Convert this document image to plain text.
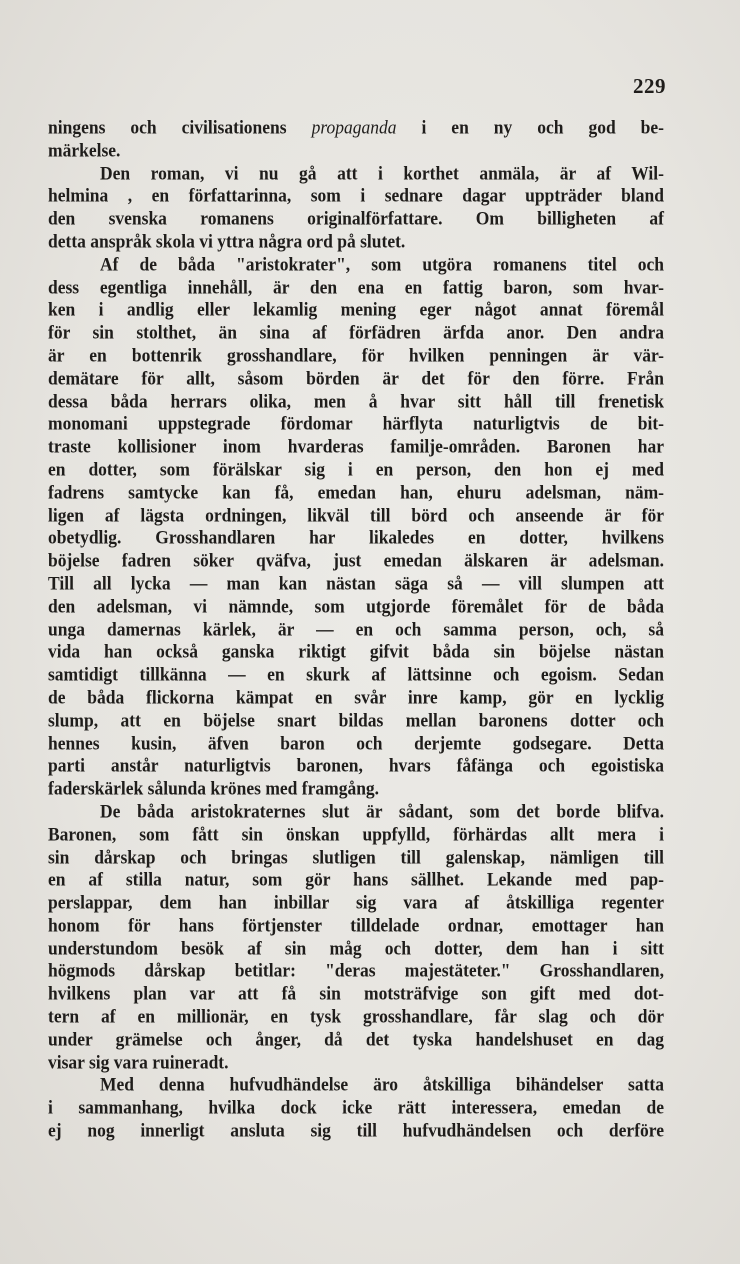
229
ningens och civilisationens propaganda i en ny och god be-
märkelse.
Den roman, vi nu gå att i korthet anmäla, är af Wil-
helmina , en författarinna, som i sednare dagar uppträder bland
den svenska romanens originalförfattare. Om billigheten af
detta anspråk skola vi yttra några ord på slutet.
Af de båda "aristokrater", som utgöra romanens titel och
dess egentliga innehåll, är den ena en fattig baron, som hvar-
ken i andlig eller lekamlig mening eger något annat föremål
för sin stolthet, än sina af förfädren ärfda anor. Den andra
är en bottenrik grosshandlare, för hvilken penningen är vär-
demätare för allt, såsom börden är det för den förre. Från
dessa båda herrars olika, men å hvar sitt håll till frenetisk
monomani uppstegrade fördomar härflyta naturligtvis de bit-
traste kollisioner inom hvarderas familje-områden. Baronen har
en dotter, som förälskar sig i en person, den hon ej med
fadrens samtycke kan få, emedan han, ehuru adelsman, näm-
ligen af lägsta ordningen, likväl till börd och anseende är för
obetydlig. Grosshandlaren har likaledes en dotter, hvilkens
böjelse fadren söker qväfva, just emedan älskaren är adelsman.
Till all lycka — man kan nästan säga så — vill slumpen att
den adelsman, vi nämnde, som utgjorde föremålet för de båda
unga damernas kärlek, är — en och samma person, och, så
vida han också ganska riktigt gifvit båda sin böjelse nästan
samtidigt tillkänna — en skurk af lättsinne och egoism. Sedan
de båda flickorna kämpat en svår inre kamp, gör en lycklig
slump, att en böjelse snart bildas mellan baronens dotter och
hennes kusin, äfven baron och derjemte godsegare. Detta
parti anstår naturligtvis baronen, hvars fåfänga och egoistiska
faderskärlek sålunda krönes med framgång.
De båda aristokraternes slut är sådant, som det borde blifva.
Baronen, som fått sin önskan uppfylld, förhärdas allt mera i
sin dårskap och bringas slutligen till galenskap, nämligen till
en af stilla natur, som gör hans sällhet. Lekande med pap-
perslappar, dem han inbillar sig vara af åtskilliga regenter
honom för hans förtjenster tilldelade ordnar, emottager han
understundom besök af sin måg och dotter, dem han i sitt
högmods dårskap betitlar: "deras majestäteter." Grosshandlaren,
hvilkens plan var att få sin motsträfvige son gift med dot-
tern af en millionär, en tysk grosshandlare, får slag och dör
under grämelse och ånger, då det tyska handelshuset en dag
visar sig vara ruineradt.
Med denna hufvudhändelse äro åtskilliga bihändelser satta
i sammanhang, hvilka dock icke rätt interessera, emedan de
ej nog innerligt ansluta sig till hufvudhändelsen och derföre
